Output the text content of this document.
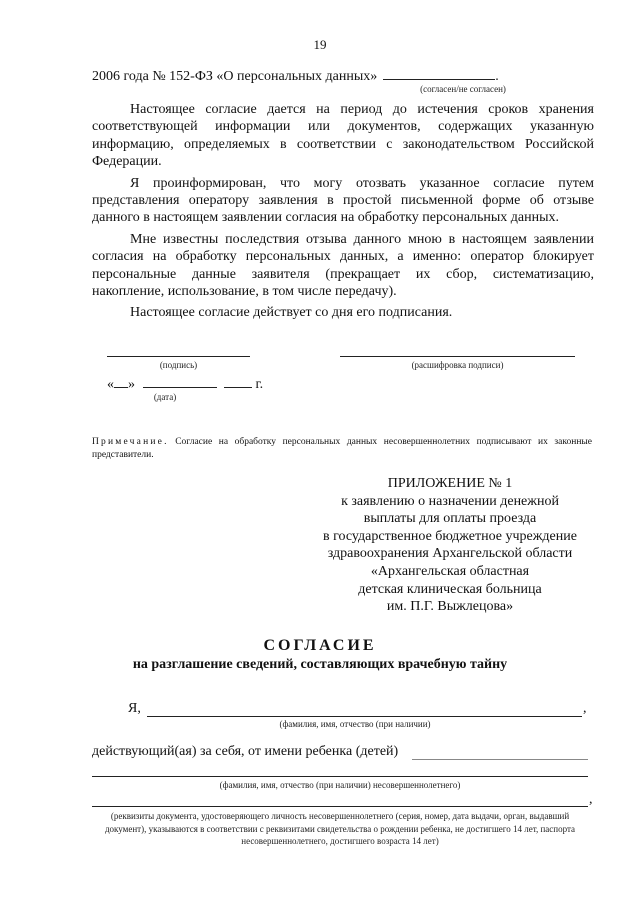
19
2006 года № 152-ФЗ «О персональных данных»	.
(согласен/не согласен)

Настоящее согласие дается на период до истечения сроков хранения соответствующей информации или документов, содержащих указанную информацию, определяемых в соответствии с законодательством Российской Федерации.

Я проинформирован, что могу отозвать указанное согласие путем представления оператору заявления в простой письменной форме об отзыве данного в настоящем заявлении согласия на обработку персональных данных.

Мне известны последствия отзыва данного мною в настоящем заявлении согласия на обработку персональных данных, а именно: оператор блокирует персональные данные заявителя (прекращает их сбор, систематизацию, накопление, использование, в том числе передачу).

Настоящее согласие действует со дня его подписания.

(подпись)	(расшифровка подписи)
« »	г.
(дата)
Примечание. Согласие на обработку персональных данных несовершеннолетних подписывают их законные представители.
ПРИЛОЖЕНИЕ № 1
к заявлению о назначении денежной
выплаты для оплаты проезда
в государственное бюджетное учреждение
здравоохранения Архангельской области
«Архангельская областная
детская клиническая больница
им. П.Г. Выжлецова»
СОГЛАСИЕ
на разглашение сведений, составляющих врачебную тайну
Я,	,
(фамилия, имя, отчество (при наличии)
действующий(ая) за себя, от имени ребенка (детей)
(фамилия, имя, отчество (при наличии) несовершеннолетнего)
,
(реквизиты документа, удостоверяющего личность несовершеннолетнего (серия, номер, дата выдачи, орган, выдавший документ), указываются в соответствии с реквизитами свидетельства о рождении ребенка, не достигшего 14 лет, паспорта несовершеннолетнего, достигшего возраста 14 лет)
